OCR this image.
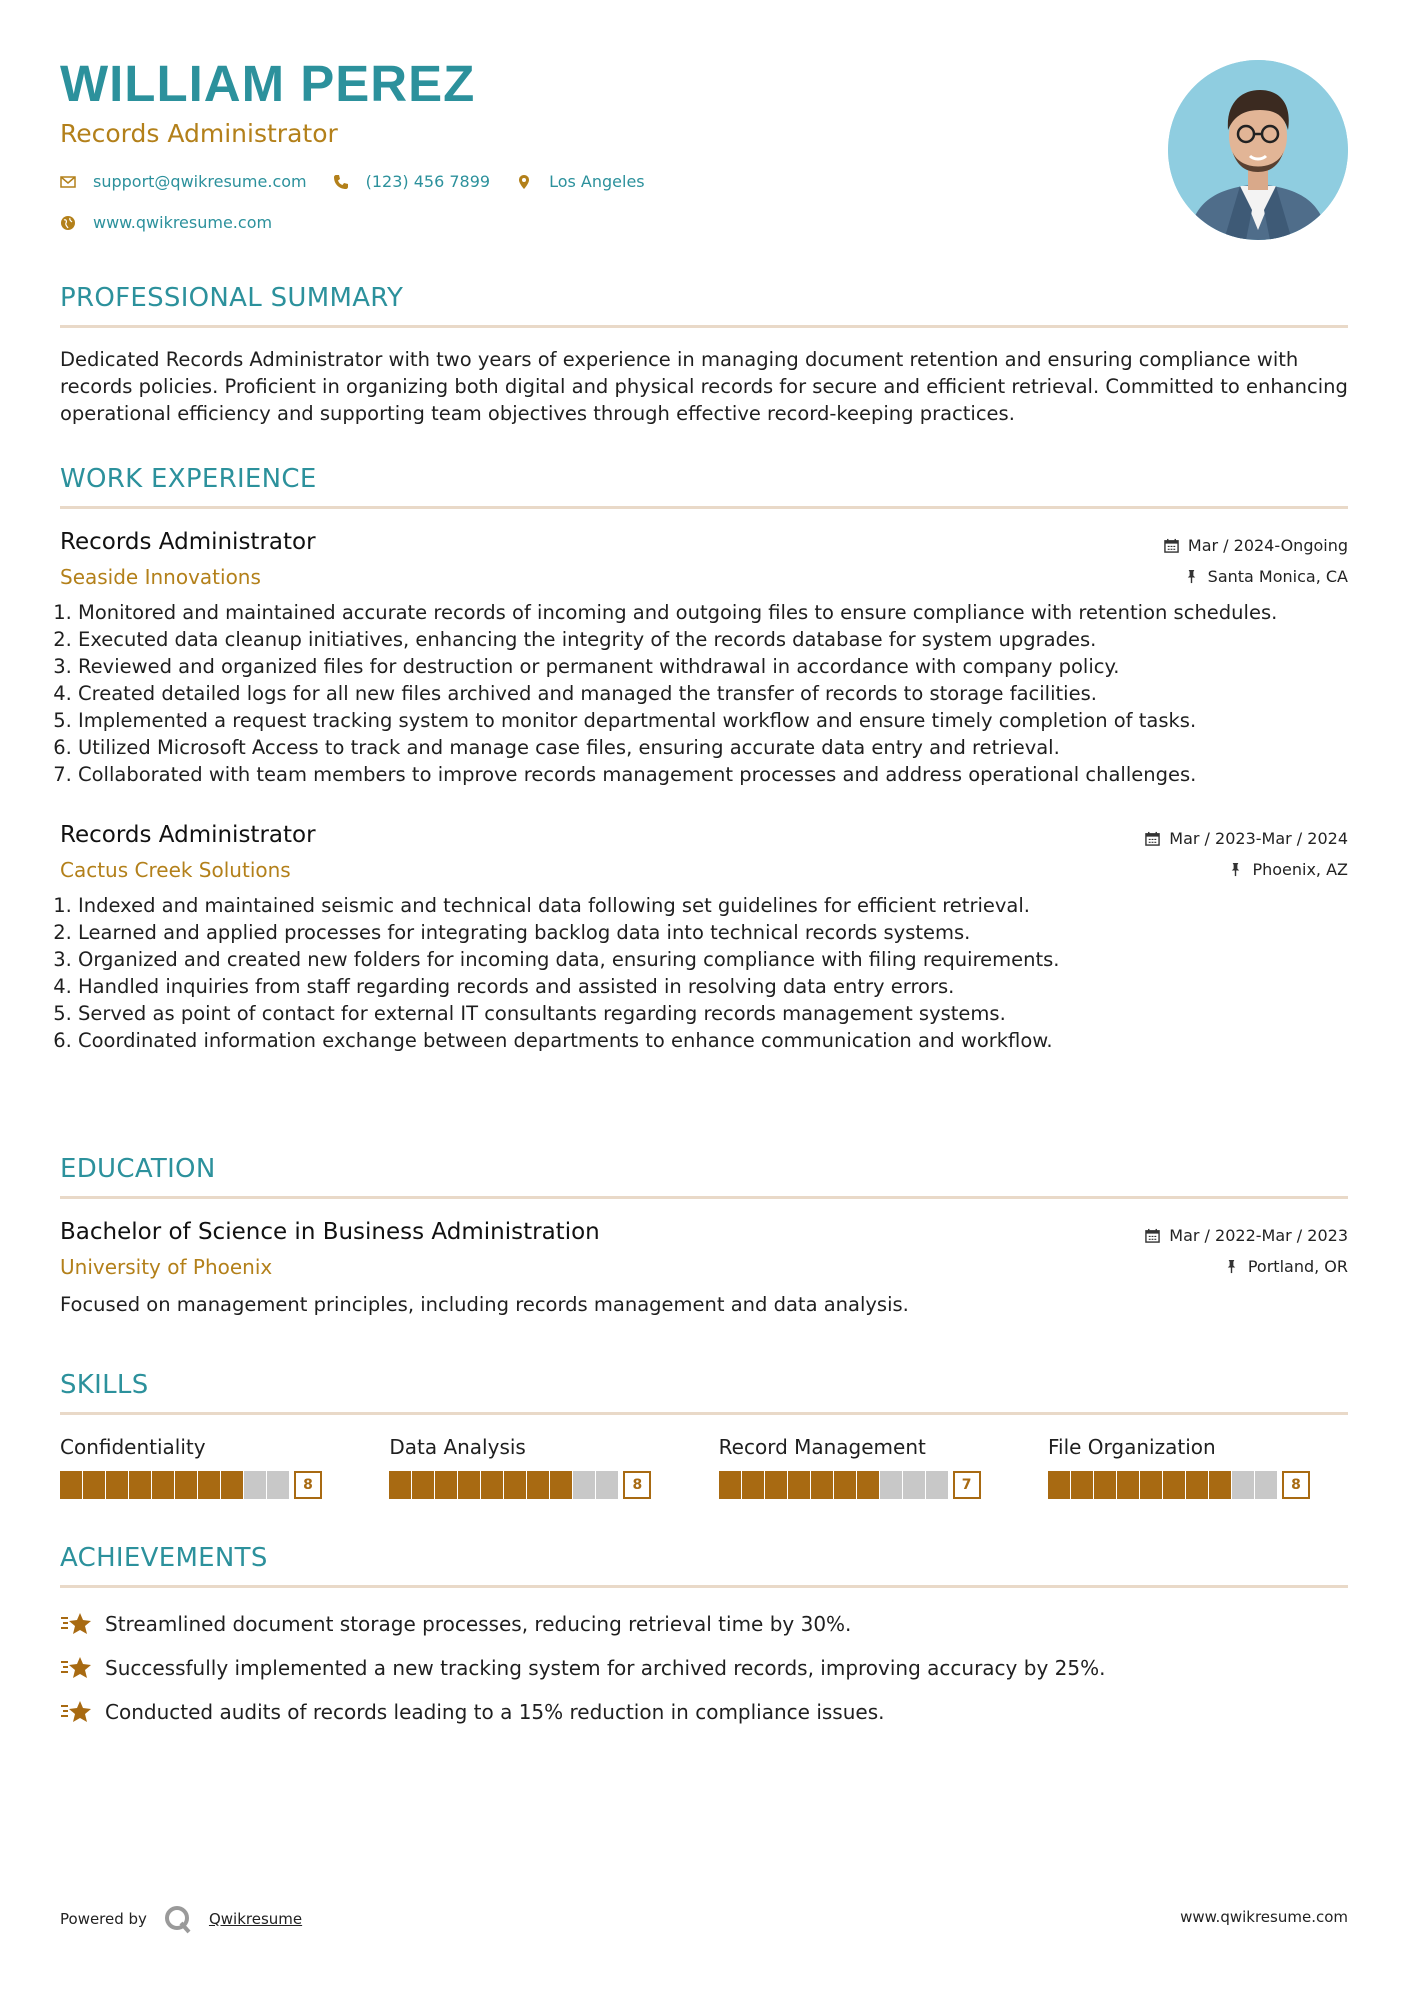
WILLIAM PEREZ
Records Administrator
support@qwikresume.com	(123) 456 7899	Los Angeles
www.qwikresume.com
PROFESSIONAL SUMMARY
Dedicated Records Administrator with two years of experience in managing document retention and ensuring compliance with records policies. Proficient in organizing both digital and physical records for secure and efficient retrieval. Committed to enhancing operational efficiency and supporting team objectives through effective record-keeping practices.
WORK EXPERIENCE
Records Administrator
Seaside Innovations
Mar / 2024-Ongoing
Santa Monica, CA
1. Monitored and maintained accurate records of incoming and outgoing files to ensure compliance with retention schedules.
2. Executed data cleanup initiatives, enhancing the integrity of the records database for system upgrades.
3. Reviewed and organized files for destruction or permanent withdrawal in accordance with company policy.
4. Created detailed logs for all new files archived and managed the transfer of records to storage facilities.
5. Implemented a request tracking system to monitor departmental workflow and ensure timely completion of tasks.
6. Utilized Microsoft Access to track and manage case files, ensuring accurate data entry and retrieval.
7. Collaborated with team members to improve records management processes and address operational challenges.
Records Administrator
Cactus Creek Solutions
Mar / 2023-Mar / 2024
Phoenix, AZ
1. Indexed and maintained seismic and technical data following set guidelines for efficient retrieval.
2. Learned and applied processes for integrating backlog data into technical records systems.
3. Organized and created new folders for incoming data, ensuring compliance with filing requirements.
4. Handled inquiries from staff regarding records and assisted in resolving data entry errors.
5. Served as point of contact for external IT consultants regarding records management systems.
6. Coordinated information exchange between departments to enhance communication and workflow.
EDUCATION
Bachelor of Science in Business Administration
University of Phoenix
Mar / 2022-Mar / 2023
Portland, OR
Focused on management principles, including records management and data analysis.
SKILLS
Confidentiality
8
Data Analysis
8
Record Management
7
File Organization
8
ACHIEVEMENTS
Streamlined document storage processes, reducing retrieval time by 30%.
Successfully implemented a new tracking system for archived records, improving accuracy by 25%.
Conducted audits of records leading to a 15% reduction in compliance issues.
Powered by	Qwikresume	www.qwikresume.com
